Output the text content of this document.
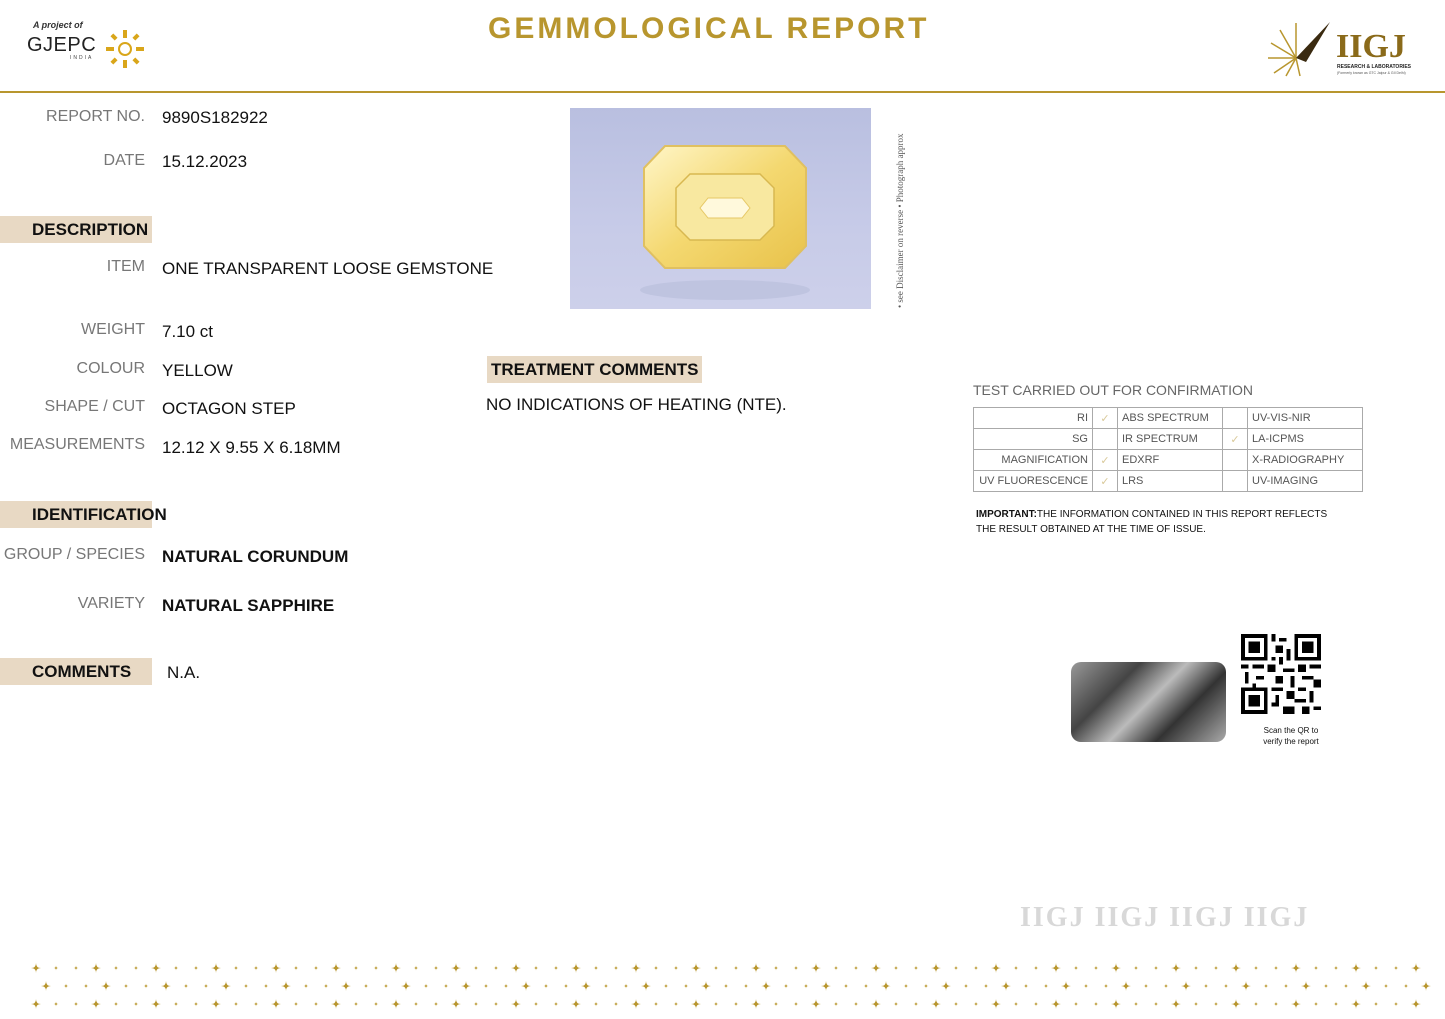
A project of
GJEPC
INDIA
GEMMOLOGICAL REPORT	IIGJ
RESEARCH & LABORATORIES
(Formerly known as GTC Jaipur & GII Delhi)
REPORT NO. 9890S182922
DATE 15.12.2023
DESCRIPTION
ITEM ONE TRANSPARENT LOOSE GEMSTONE
WEIGHT 7.10 ct
COLOUR YELLOW
SHAPE / CUT OCTAGON STEP
MEASUREMENTS 12.12 X 9.55 X 6.18MM
IDENTIFICATION
GROUP / SPECIES NATURAL CORUNDUM
VARIETY NATURAL SAPPHIRE
COMMENTS	N.A.
• see Disclaimer on reverse • Photograph approx
TREATMENT COMMENTS
NO INDICATIONS OF HEATING (NTE).
TEST CARRIED OUT FOR CONFIRMATION
RI	✓	ABS SPECTRUM		UV-VIS-NIR
SG		IR SPECTRUM	✓	LA-ICPMS
MAGNIFICATION	✓	EDXRF		X-RADIOGRAPHY
UV FLUORESCENCE	✓	LRS		UV-IMAGING
IMPORTANT:THE INFORMATION CONTAINED IN THIS REPORT REFLECTS THE RESULT OBTAINED AT THE TIME OF ISSUE.
Scan the QR to verify the report
IIGJ IIGJ IIGJ IIGJ
